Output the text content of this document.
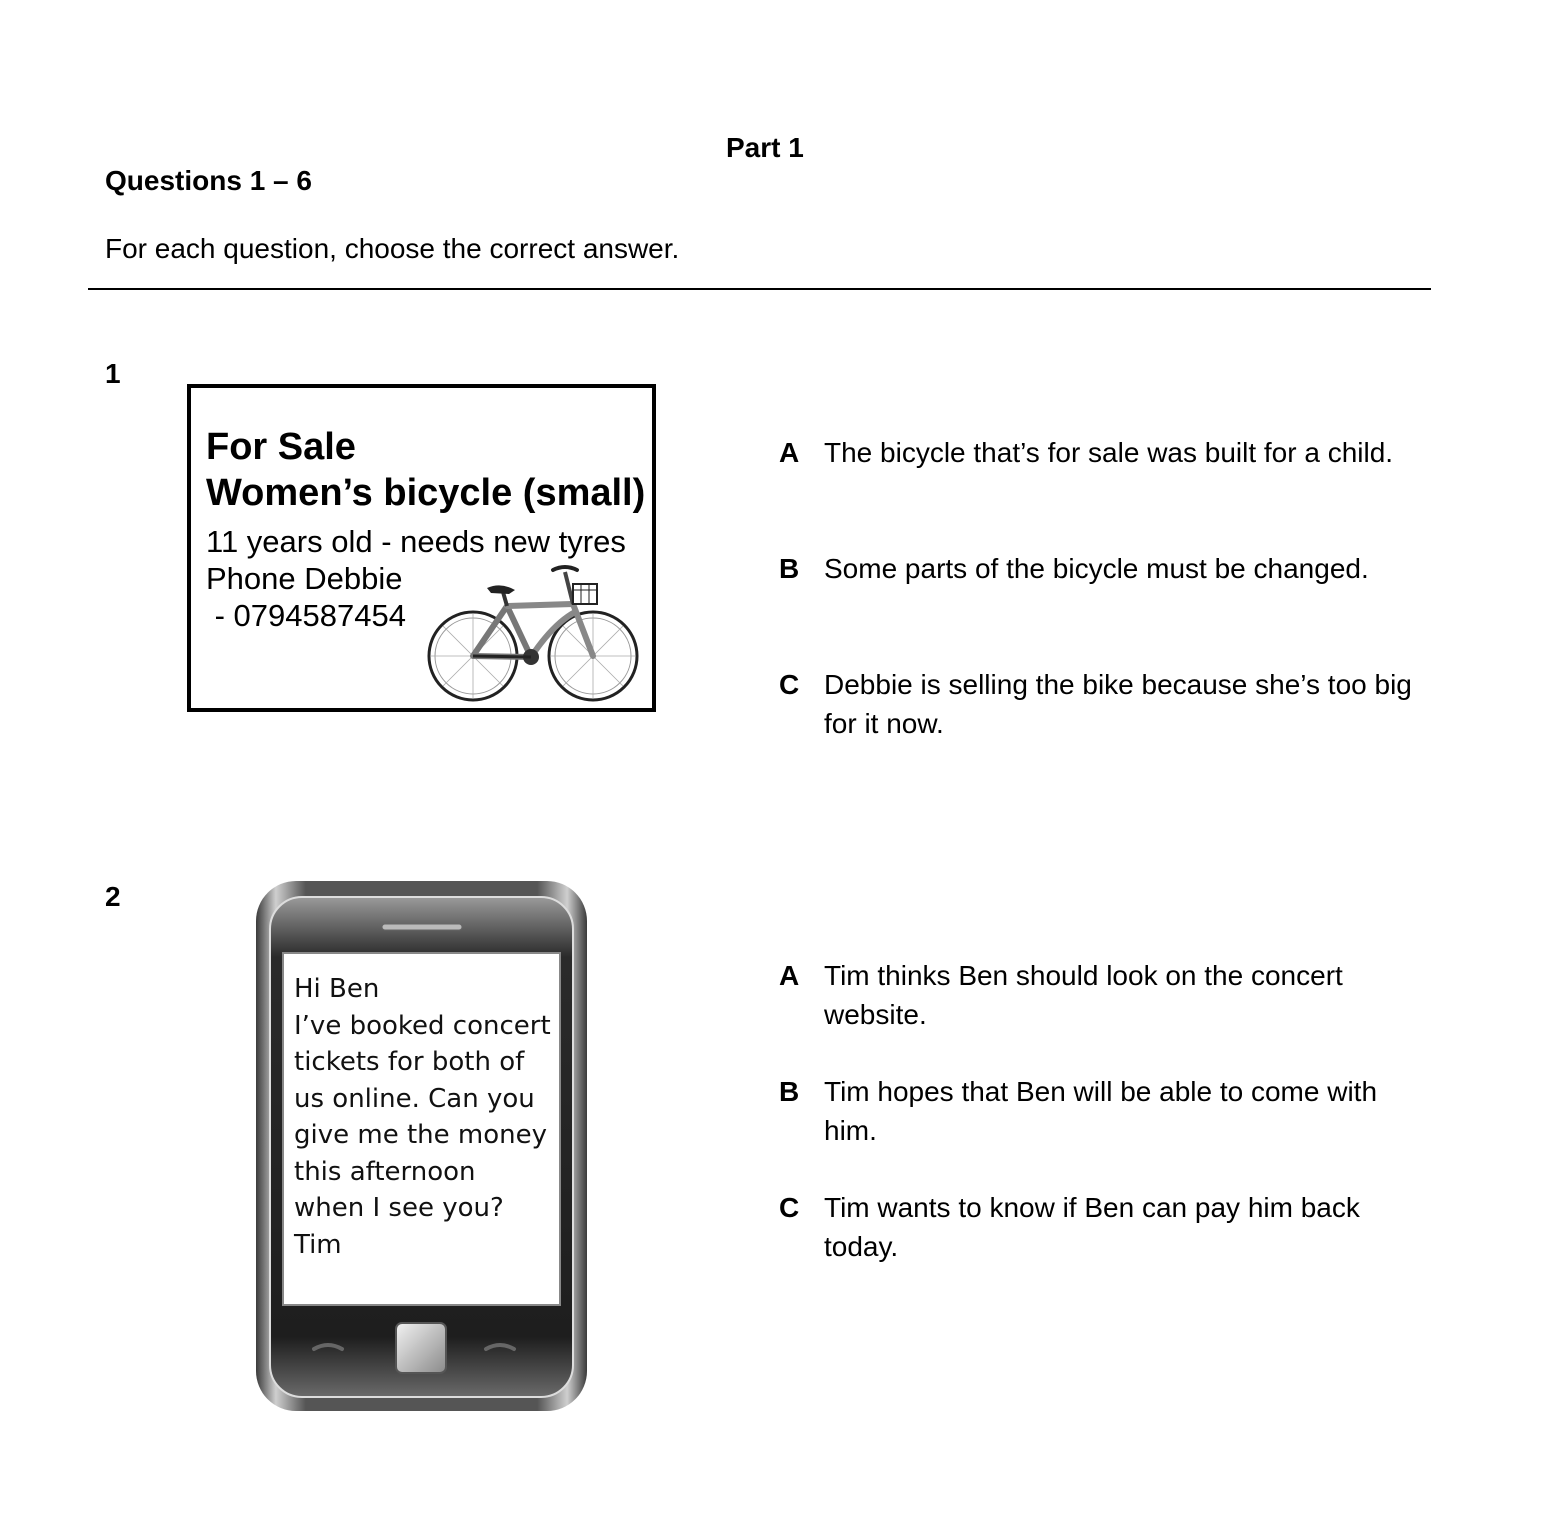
Part 1
Questions 1 – 6
For each question, choose the correct answer.
1
For Sale
Women’s bicycle (small)
11 years old - needs new tyres
Phone Debbie
- 0794587454
A The bicycle that’s for sale was built for a child.
B Some parts of the bicycle must be changed.
C Debbie is selling the bike because she’s too big for it now.
2
Hi Ben
I’ve booked concert
tickets for both of
us online. Can you
give me the money
this afternoon
when I see you?
Tim
A Tim thinks Ben should look on the concert website.
B Tim hopes that Ben will be able to come with him.
C Tim wants to know if Ben can pay him back today.
